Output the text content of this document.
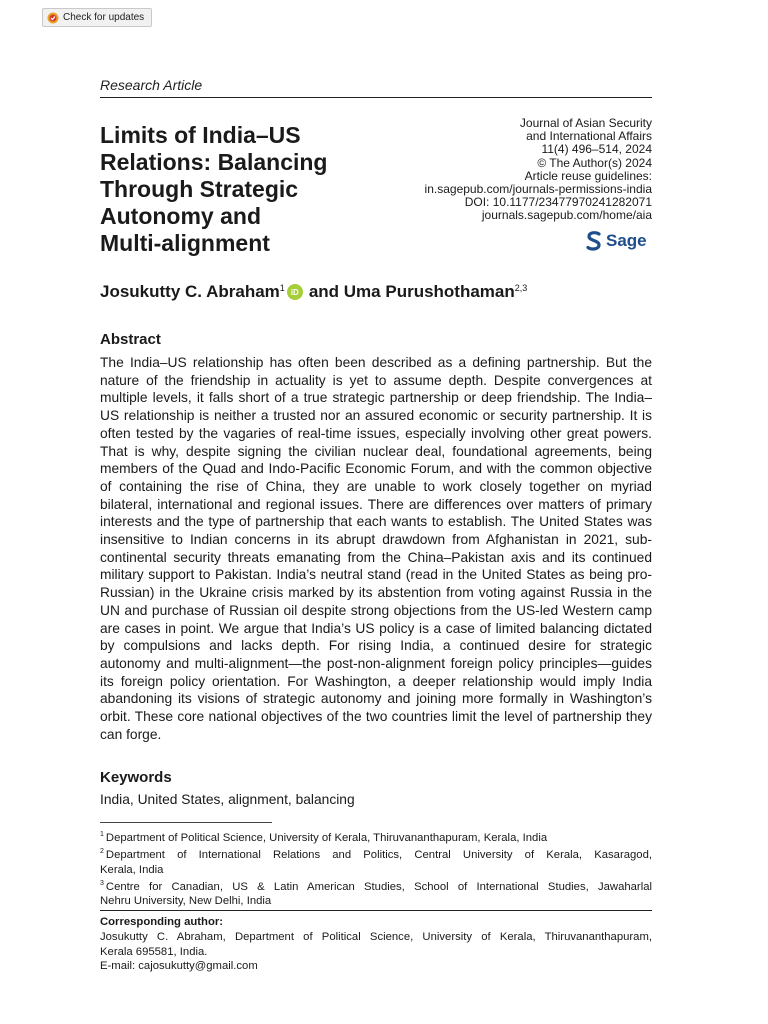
Check for updates
Research Article
Limits of India–US
Relations: Balancing
Through Strategic
Autonomy and
Multi-alignment
Journal of Asian Security
and International Affairs
11(4) 496–514, 2024
© The Author(s) 2024
Article reuse guidelines:
in.sagepub.com/journals-permissions-india
DOI: 10.1177/23477970241282071
journals.sagepub.com/home/aia
Sage
Josukutty C. Abraham$^1$ iD and
Uma Purushothaman$^{2,3}$
Abstract

The India–US relationship has often been described as a defining partnership. But the nature of the friendship in actuality is yet to assume depth. Despite convergences at multiple levels, it falls short of a true strategic partnership or deep friendship. The India–US relationship is neither a trusted nor an assured economic or security partnership. It is often tested by the vagaries of real-time issues, especially involving other great powers. That is why, despite signing the civilian nuclear deal, foundational agreements, being members of the Quad and Indo-Pacific Economic Forum, and with the common objective of containing the rise of China, they are unable to work closely together on myriad bilateral, international and regional issues. There are differences over matters of primary interests and the type of partnership that each wants to establish. The United States was insensitive to Indian concerns in its abrupt drawdown from Afghanistan in 2021, sub-continental security threats emanating from the China–Pakistan axis and its continued military support to Pakistan. India’s neutral stand (read in the United States as being pro-Russian) in the Ukraine crisis marked by its abstention from voting against Russia in the UN and purchase of Russian oil despite strong objections from the US-led Western camp are cases in point. We argue that India’s US policy is a case of limited balancing dictated by compulsions and lacks depth. For rising India, a continued desire for strategic autonomy and multi-alignment—the post-non-alignment foreign policy principles—guides its foreign policy orientation. For Washington, a deeper relationship would imply India abandoning its visions of strategic autonomy and joining more formally in Washington’s orbit. These core national objectives of the two countries limit the level of partnership they can forge.

Keywords
India, United States, alignment, balancing
$^1$ Department of Political Science, University of Kerala, Thiruvananthapuram, Kerala, India
$^2$ Department of International Relations and Politics, Central University of Kerala, Kasaragod,
Kerala, India
$^3$ Centre for Canadian, US & Latin American Studies, School of International Studies, Jawaharlal
Nehru University, New Delhi, India
Corresponding author:
Josukutty C. Abraham, Department of Political Science, University of Kerala, Thiruvananthapuram,
Kerala 695581, India.
E-mail: cajosukutty@gmail.com
